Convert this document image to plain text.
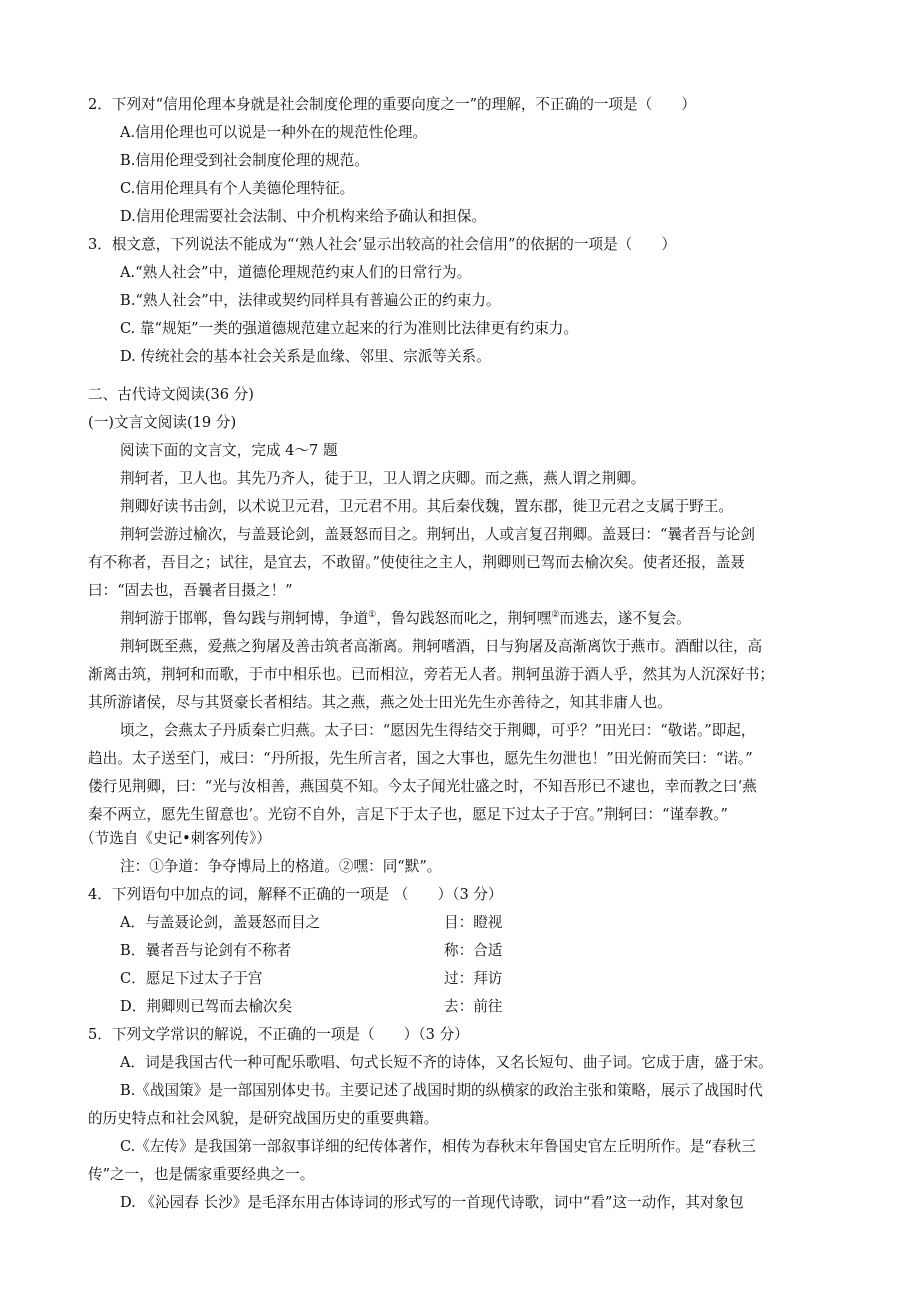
2．下列对“信用伦理本身就是社会制度伦理的重要向度之一”的理解，不正确的一项是（　　）
A.信用伦理也可以说是一种外在的规范性伦理。
B.信用伦理受到社会制度伦理的规范。
C.信用伦理具有个人美德伦理特征。
D.信用伦理需要社会法制、中介机构来给予确认和担保。
3．根文意，下列说法不能成为“‘熟人社会’显示出较高的社会信用”的依据的一项是（　　）
A.“熟人社会”中，道德伦理规范约束人们的日常行为。
B.“熟人社会”中，法律或契约同样具有普遍公正的约束力。
C. 靠“规矩”一类的强道德规范建立起来的行为准则比法律更有约束力。
D. 传统社会的基本社会关系是血缘、邻里、宗派等关系。
二、古代诗文阅读(36 分)
(一)文言文阅读(19 分)
阅读下面的文言文，完成 4～7 题
荆轲者，卫人也。其先乃齐人，徒于卫，卫人谓之庆卿。而之燕，燕人谓之荆卿。
荆卿好读书击剑，以术说卫元君，卫元君不用。其后秦伐魏，置东郡，徙卫元君之支属于野王。
荆轲尝游过榆次，与盖聂论剑，盖聂怒而目之。荆轲出，人或言复召荆卿。盖聂曰：“曩者吾与论剑
有不称者，吾目之；试往，是宜去，不敢留。”使使往之主人，荆卿则已驾而去榆次矣。使者还报，盖聂
曰：“固去也，吾曩者目摄之！”
荆轲游于邯郸，鲁勾践与荆轲博，争道①，鲁勾践怒而叱之，荆轲嘿②而逃去，遂不复会。
荆轲既至燕，爱燕之狗屠及善击筑者高渐离。荆轲嗜酒，日与狗屠及高渐离饮于燕市。酒酣以往，高
渐离击筑，荆轲和而歌，于市中相乐也。已而相泣，旁若无人者。荆轲虽游于酒人乎，然其为人沉深好书；
其所游诸侯，尽与其贤豪长者相结。其之燕，燕之处士田光先生亦善待之，知其非庸人也。
顷之，会燕太子丹质秦亡归燕。太子曰：“愿因先生得结交于荆卿，可乎？”田光曰：“敬诺。”即起，
趋出。太子送至门，戒曰：“丹所报，先生所言者，国之大事也，愿先生勿泄也！”田光俯而笑曰：“诺。”
偻行见荆卿，曰：“光与汝相善，燕国莫不知。今太子闻光壮盛之时，不知吾形已不逮也，幸而教之曰‘燕
秦不两立，愿先生留意也’。光窃不自外，言足下于太子也，愿足下过太子于宫。”荆轲曰：“谨奉教。”
（节选自《史记•刺客列传》）
注：①争道：争夺博局上的格道。②嘿：同“默”。
4．下列语句中加点的词，解释不正确的一项是 （　　）（3 分）
A．与盖聂论剑，盖聂怒而目之	目：瞪视
B．曩者吾与论剑有不称者	称：合适
C．愿足下过太子于宫	过：拜访
D．荆卿则已驾而去榆次矣	去：前往
5．下列文学常识的解说，不正确的一项是（　　）（3 分）
A．词是我国古代一种可配乐歌唱、句式长短不齐的诗体，又名长短句、曲子词。它成于唐，盛于宋。
B.《战国策》是一部国别体史书。主要记述了战国时期的纵横家的政治主张和策略，展示了战国时代
的历史特点和社会风貌，是研究战国历史的重要典籍。
C.《左传》是我国第一部叙事详细的纪传体著作，相传为春秋末年鲁国史官左丘明所作。是“春秋三
传”之一，也是儒家重要经典之一。
D. 《沁园春 长沙》是毛泽东用古体诗词的形式写的一首现代诗歌，词中“看”这一动作，其对象包
